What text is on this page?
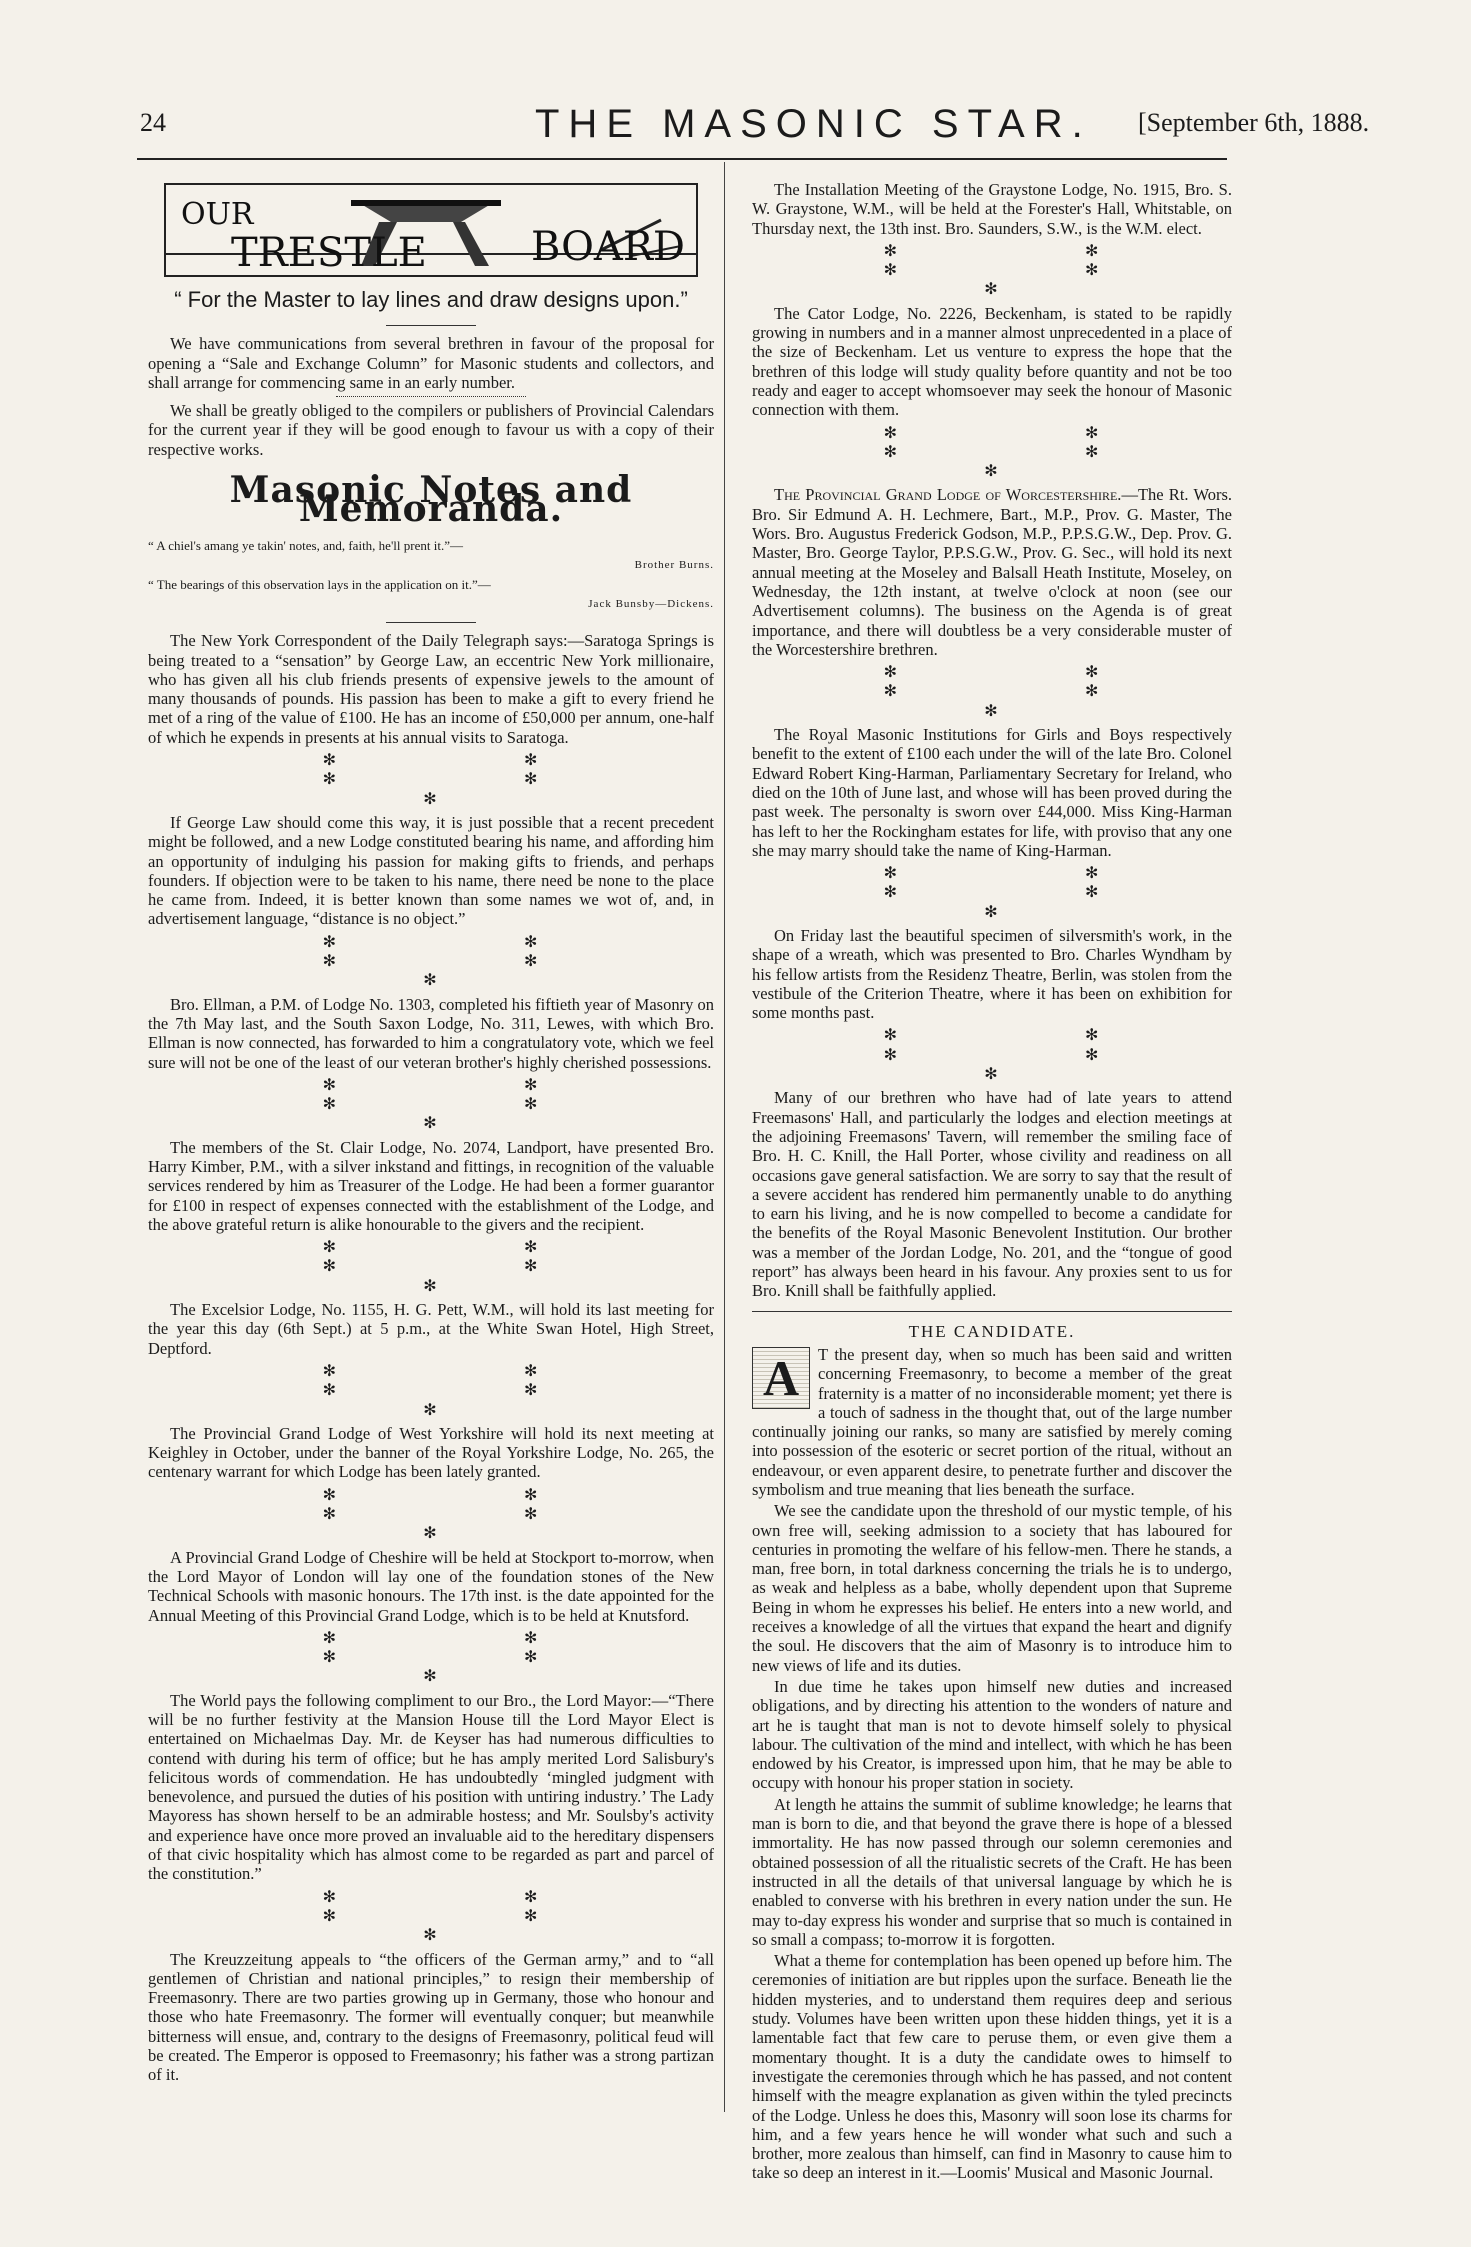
24	THE MASONIC STAR. [September 6th, 1888.
OUR
TRESTLE	BOARD
“ For the Master to lay lines and draw designs upon.”

We have communications from several brethren in favour of the proposal for opening a “Sale and Exchange Column” for Masonic students and collectors, and shall arrange for commencing same in an early number.

We shall be greatly obliged to the compilers or publishers of Provincial Calendars for the current year if they will be good enough to favour us with a copy of their respective works.

Masonic Notes and Memoranda.

“ A chiel's amang ye takin' notes, and, faith, he'll prent it.”—

Brother Burns.

“ The bearings of this observation lays in the application on it.”—

Jack Bunsby—Dickens.

The New York Correspondent of the Daily Telegraph says:—Saratoga Springs is being treated to a “sensation” by George Law, an eccentric New York millionaire, who has given all his club friends presents of expensive jewels to the amount of many thousands of pounds. His passion has been to make a gift to every friend he met of a ring of the value of £100. He has an income of £50,000 per annum, one-half of which he expends in presents at his annual visits to Saratoga.

✻ ✻ ✻ ✻ ✻

If George Law should come this way, it is just possible that a recent precedent might be followed, and a new Lodge constituted bearing his name, and affording him an opportunity of indulging his passion for making gifts to friends, and perhaps founders. If objection were to be taken to his name, there need be none to the place he came from. Indeed, it is better known than some names we wot of, and, in advertisement language, “distance is no object.”

✻ ✻ ✻ ✻ ✻

Bro. Ellman, a P.M. of Lodge No. 1303, completed his fiftieth year of Masonry on the 7th May last, and the South Saxon Lodge, No. 311, Lewes, with which Bro. Ellman is now connected, has forwarded to him a congratulatory vote, which we feel sure will not be one of the least of our veteran brother's highly cherished possessions.

✻ ✻ ✻ ✻ ✻

The members of the St. Clair Lodge, No. 2074, Landport, have presented Bro. Harry Kimber, P.M., with a silver inkstand and fittings, in recognition of the valuable services rendered by him as Treasurer of the Lodge. He had been a former guarantor for £100 in respect of expenses connected with the establishment of the Lodge, and the above grateful return is alike honourable to the givers and the recipient.

✻ ✻ ✻ ✻ ✻

The Excelsior Lodge, No. 1155, H. G. Pett, W.M., will hold its last meeting for the year this day (6th Sept.) at 5 p.m., at the White Swan Hotel, High Street, Deptford.

✻ ✻ ✻ ✻ ✻

The Provincial Grand Lodge of West Yorkshire will hold its next meeting at Keighley in October, under the banner of the Royal Yorkshire Lodge, No. 265, the centenary warrant for which Lodge has been lately granted.

✻ ✻ ✻ ✻ ✻

A Provincial Grand Lodge of Cheshire will be held at Stockport to-morrow, when the Lord Mayor of London will lay one of the foundation stones of the New Technical Schools with masonic honours. The 17th inst. is the date appointed for the Annual Meeting of this Provincial Grand Lodge, which is to be held at Knutsford.

✻ ✻ ✻ ✻ ✻

The World pays the following compliment to our Bro., the Lord Mayor:—“There will be no further festivity at the Mansion House till the Lord Mayor Elect is entertained on Michaelmas Day. Mr. de Keyser has had numerous difficulties to contend with during his term of office; but he has amply merited Lord Salisbury's felicitous words of commendation. He has undoubtedly ‘mingled judgment with benevolence, and pursued the duties of his position with untiring industry.’ The Lady Mayoress has shown herself to be an admirable hostess; and Mr. Soulsby's activity and experience have once more proved an invaluable aid to the hereditary dispensers of that civic hospitality which has almost come to be regarded as part and parcel of the constitution.”

✻ ✻ ✻ ✻ ✻

The Kreuzzeitung appeals to “the officers of the German army,” and to “all gentlemen of Christian and national principles,” to resign their membership of Freemasonry. There are two parties growing up in Germany, those who honour and those who hate Freemasonry. The former will eventually conquer; but meanwhile bitterness will ensue, and, contrary to the designs of Freemasonry, political feud will be created. The Emperor is opposed to Freemasonry; his father was a strong partizan of it.

The Installation Meeting of the Graystone Lodge, No. 1915, Bro. S. W. Graystone, W.M., will be held at the Forester's Hall, Whitstable, on Thursday next, the 13th inst. Bro. Saunders, S.W., is the W.M. elect.

✻ ✻ ✻ ✻ ✻

The Cator Lodge, No. 2226, Beckenham, is stated to be rapidly growing in numbers and in a manner almost unprecedented in a place of the size of Beckenham. Let us venture to express the hope that the brethren of this lodge will study quality before quantity and not be too ready and eager to accept whomsoever may seek the honour of Masonic connection with them.

✻ ✻ ✻ ✻ ✻

The Provincial Grand Lodge of Worcestershire.—The Rt. Wors. Bro. Sir Edmund A. H. Lechmere, Bart., M.P., Prov. G. Master, The Wors. Bro. Augustus Frederick Godson, M.P., P.P.S.G.W., Dep. Prov. G. Master, Bro. George Taylor, P.P.S.G.W., Prov. G. Sec., will hold its next annual meeting at the Moseley and Balsall Heath Institute, Moseley, on Wednesday, the 12th instant, at twelve o'clock at noon (see our Advertisement columns). The business on the Agenda is of great importance, and there will doubtless be a very considerable muster of the Worcestershire brethren.

✻ ✻ ✻ ✻ ✻

The Royal Masonic Institutions for Girls and Boys respectively benefit to the extent of £100 each under the will of the late Bro. Colonel Edward Robert King-Harman, Parliamentary Secretary for Ireland, who died on the 10th of June last, and whose will has been proved during the past week. The personalty is sworn over £44,000. Miss King-Harman has left to her the Rockingham estates for life, with proviso that any one she may marry should take the name of King-Harman.

✻ ✻ ✻ ✻ ✻

On Friday last the beautiful specimen of silversmith's work, in the shape of a wreath, which was presented to Bro. Charles Wyndham by his fellow artists from the Residenz Theatre, Berlin, was stolen from the vestibule of the Criterion Theatre, where it has been on exhibition for some months past.

✻ ✻ ✻ ✻ ✻

Many of our brethren who have had of late years to attend Freemasons' Hall, and particularly the lodges and election meetings at the adjoining Freemasons' Tavern, will remember the smiling face of Bro. H. C. Knill, the Hall Porter, whose civility and readiness on all occasions gave general satisfaction. We are sorry to say that the result of a severe accident has rendered him permanently unable to do anything to earn his living, and he is now compelled to become a candidate for the benefits of the Royal Masonic Benevolent Institution. Our brother was a member of the Jordan Lodge, No. 201, and the “tongue of good report” has always been heard in his favour. Any proxies sent to us for Bro. Knill shall be faithfully applied.

THE CANDIDATE.
A	T the present day, when so much has been said and written concerning Freemasonry, to become a member of the great fraternity is a matter of no inconsiderable moment; yet there is a touch of sadness in the thought that, out of the large number continually joining our ranks, so many are satisfied by merely coming into possession of the esoteric or secret portion of the ritual, without an endeavour, or even apparent desire, to penetrate further and discover the symbolism and true meaning that lies beneath the surface.

We see the candidate upon the threshold of our mystic temple, of his own free will, seeking admission to a society that has laboured for centuries in promoting the welfare of his fellow-men. There he stands, a man, free born, in total darkness concerning the trials he is to undergo, as weak and helpless as a babe, wholly dependent upon that Supreme Being in whom he expresses his belief. He enters into a new world, and receives a knowledge of all the virtues that expand the heart and dignify the soul. He discovers that the aim of Masonry is to introduce him to new views of life and its duties.

In due time he takes upon himself new duties and increased obligations, and by directing his attention to the wonders of nature and art he is taught that man is not to devote himself solely to physical labour. The cultivation of the mind and intellect, with which he has been endowed by his Creator, is impressed upon him, that he may be able to occupy with honour his proper station in society.

At length he attains the summit of sublime knowledge; he learns that man is born to die, and that beyond the grave there is hope of a blessed immortality. He has now passed through our solemn ceremonies and obtained possession of all the ritualistic secrets of the Craft. He has been instructed in all the details of that universal language by which he is enabled to converse with his brethren in every nation under the sun. He may to-day express his wonder and surprise that so much is contained in so small a compass; to-morrow it is forgotten.

What a theme for contemplation has been opened up before him. The ceremonies of initiation are but ripples upon the surface. Beneath lie the hidden mysteries, and to understand them requires deep and serious study. Volumes have been written upon these hidden things, yet it is a lamentable fact that few care to peruse them, or even give them a momentary thought. It is a duty the candidate owes to himself to investigate the ceremonies through which he has passed, and not content himself with the meagre explanation as given within the tyled precincts of the Lodge. Unless he does this, Masonry will soon lose its charms for him, and a few years hence he will wonder what such and such a brother, more zealous than himself, can find in Masonry to cause him to take so deep an interest in it.—Loomis' Musical and Masonic Journal.
